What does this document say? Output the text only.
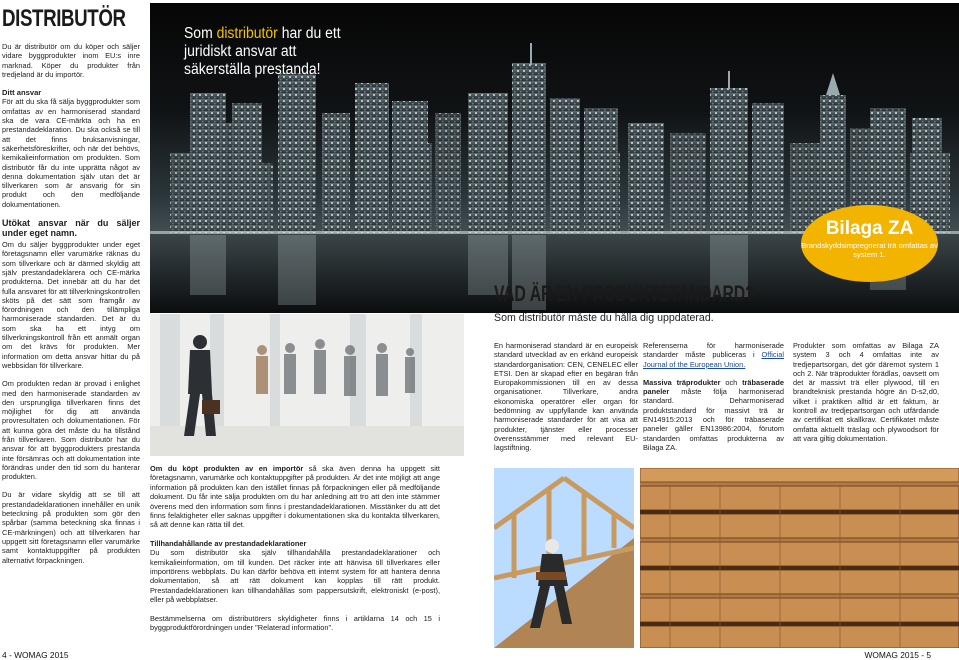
DISTRIBUTÖR

Du är distributör om du köper och säljer vidare byggprodukter inom EU:s inre marknad. Köper du produkter från tredjeland är du importör.

Ditt ansvar

För att du ska få sälja byggprodukter som omfattas av en harmoniserad standard ska de vara CE-märkta och ha en prestandadeklaration. Du ska också se till att det finns bruksanvisningar, säkerhetsföreskrifter, och när det behövs, kemikalieinformation om produkten. Som distributör får du inte upprätta något av denna dokumentation själv utan det är tillverkaren som är ansvarig för sin produkt och den medföljande dokumentationen.

Utökat ansvar när du säljer under eget namn.

Om du säljer byggprodukter under eget företagsnamn eller varumärke räknas du som tillverkare och är därmed skyldig att själv prestandadeklarera och CE-märka produkterna. Det innebär att du har det fulla ansvaret för att tillverkningskontrollen sköts på det sätt som framgår av förordningen och den tillämpliga harmoniserade standarden. Det är du som ska ha ett intyg om tillverkningskontroll från ett anmält organ om det krävs för produkten. Mer information om detta ansvar hittar du på webbsidan för tillverkare.

Om produkten redan är provad i enlighet med den harmoniserade standarden av den ursprungliga tillverkaren finns det möjlighet för dig att använda provresultaten och dokumentationen. För att kunna göra det måste du ha tillstånd från tillverkaren. Som distributör har du ansvar för att byggprodukters prestanda inte försämras och att dokumentation inte förändras under den tid som du hanterar produkten.

Du är vidare skyldig att se till att prestandadeklarationen innehåller en unik beteckning på produkten som gör den spårbar (samma beteckning ska finnas i CE-märkningen) och att tillverkaren har uppgett sitt företagsnamn eller varumärke samt kontaktuppgifter på produkten alternativt förpackningen.

Som distributör har du ett juridiskt ansvar att säkerställa prestanda!
Bilaga ZA
Brandskyddsimpregnerat trä omfattas av system 1.
VAD ÄR EN PRODUKTSTANDARD?
Som distributör måste du hålla dig uppdaterad.

En harmoniserad standard är en europeisk standard utvecklad av en erkänd europeisk standardorganisation: CEN, CENELEC eller ETSI. Den är skapad efter en begäran från Europakommissionen till en av dessa organisationer. Tillverkare, andra ekonomiska operatörer eller organ för bedömning av uppfyllande kan använda harmoniserade standarder för att visa att produkter, tjänster eller processer överensstämmer med relevant EU-lagstiftning.

Referenserna för harmoniserade standarder måste publiceras i Official Journal of the European Union.

Massiva träprodukter och träbaserade paneler måste följa harmoniserad standard. Deharmoniserad produktstandard för massivt trä är EN14915:2013 och för träbaserade paneler gäller EN13986:2004, förutom standarden omfattas produkterna av Bilaga ZA.

Produkter som omfattas av Bilaga ZA system 3 och 4 omfattas inte av tredjepartsorgan, det gör däremot system 1 och 2. När träprodukter förädlas, oavsett om det är massivt trä eller plywood, till en brandteknisk prestanda högre än D-s2,d0, vilket i praktiken alltid är ett faktum, är kontroll av tredjepartsorgan och utfärdande av certifikat ett skallkrav. Certifikatet måste omfatta aktuellt träslag och plywoodsort för att vara giltig dokumentation.

Om du köpt produkten av en importör så ska även denna ha uppgett sitt företagsnamn, varumärke och kontaktuppgifter på produkten. Är det inte möjligt att ange information på produkten kan den istället finnas på förpackningen eller på medföljande dokument. Du får inte sälja produkten om du har anledning att tro att den inte stämmer överens med den information som finns i prestandadeklarationen. Misstänker du att det finns felaktigheter eller saknas uppgifter i dokumentationen ska du kontakta tillverkaren, så att denne kan rätta till det.

Tillhandahållande av prestandadeklarationer

Du som distributör ska själv tillhandahålla prestandadeklarationer och kemikalieinformation, om till kunden. Det räcker inte att hänvisa till tillverkares eller importörens webbplats. Du kan därför behöva ett internt system för att hantera denna dokumentation, så att rätt dokument kan kopplas till rätt produkt. Prestandadeklarationen kan tillhandahållas som pappersutskrift, elektroniskt (e-post), eller på webbplatser.

Bestämmelserna om distributörers skyldigheter finns i artiklarna 14 och 15 i byggproduktförordningen under "Relaterad information".

4 - WOMAG 2015	WOMAG 2015 - 5
